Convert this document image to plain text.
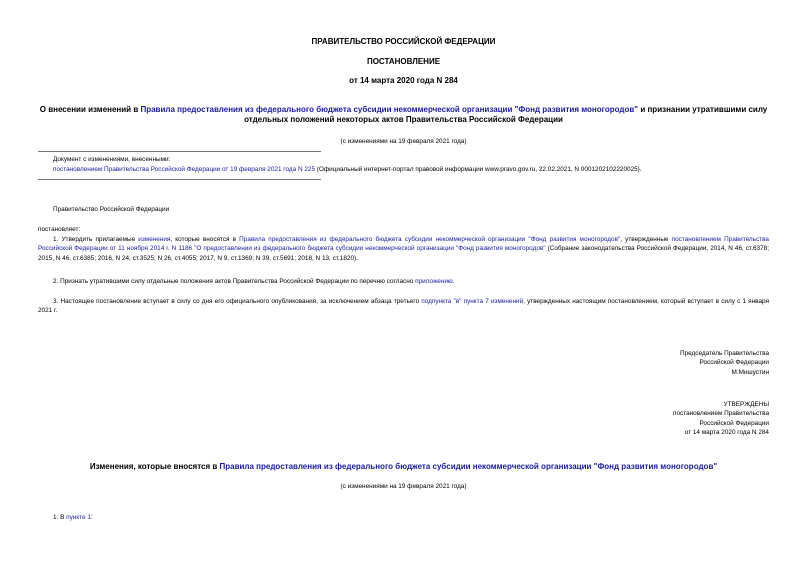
ПРАВИТЕЛЬСТВО РОССИЙСКОЙ ФЕДЕРАЦИИ
ПОСТАНОВЛЕНИЕ
от 14 марта 2020 года N 284
О внесении изменений в Правила предоставления из федерального бюджета субсидии некоммерческой организации "Фонд развития моногородов" и признании утратившими силу отдельных положений некоторых актов Правительства Российской Федерации
(с изменениями на 19 февраля 2021 года)
Документ с изменениями, внесенными:
постановлением Правительства Российской Федерации от 19 февраля 2021 года N 225 (Официальный интернет-портал правовой информации www.pravo.gov.ru, 22.02.2021, N 0001202102220025).
Правительство Российской Федерации
постановляет:
1. Утвердить прилагаемые изменения, которые вносятся в Правила предоставления из федерального бюджета субсидии некоммерческой организации "Фонд развития моногородов", утвержденные постановлением Правительства Российской Федерации от 11 ноября 2014 г. N 1186 "О предоставлении из федерального бюджета субсидии некоммерческой организации "Фонд развития моногородов" (Собрание законодательства Российской Федерации, 2014, N 46, ст.6378; 2015, N 46, ст.6385; 2016, N 24, ст.3525; N 26, ст.4055; 2017, N 9, ст.1369; N 39, ст.5691; 2018, N 13, ст.1820).
2. Признать утратившими силу отдельные положения актов Правительства Российской Федерации по перечню согласно приложению.
3. Настоящее постановление вступает в силу со дня его официального опубликования, за исключением абзаца третьего подпункта "в" пункта 7 изменений, утвержденных настоящим постановлением, который вступает в силу с 1 января 2021 г.
Председатель Правительства
Российской Федерации
М.Мишустин
УТВЕРЖДЕНЫ
постановлением Правительства
Российской Федерации
от 14 марта 2020 года N 284
Изменения, которые вносятся в Правила предоставления из федерального бюджета субсидии некоммерческой организации "Фонд развития моногородов"
(с изменениями на 19 февраля 2021 года)
1. В пункте 1:
